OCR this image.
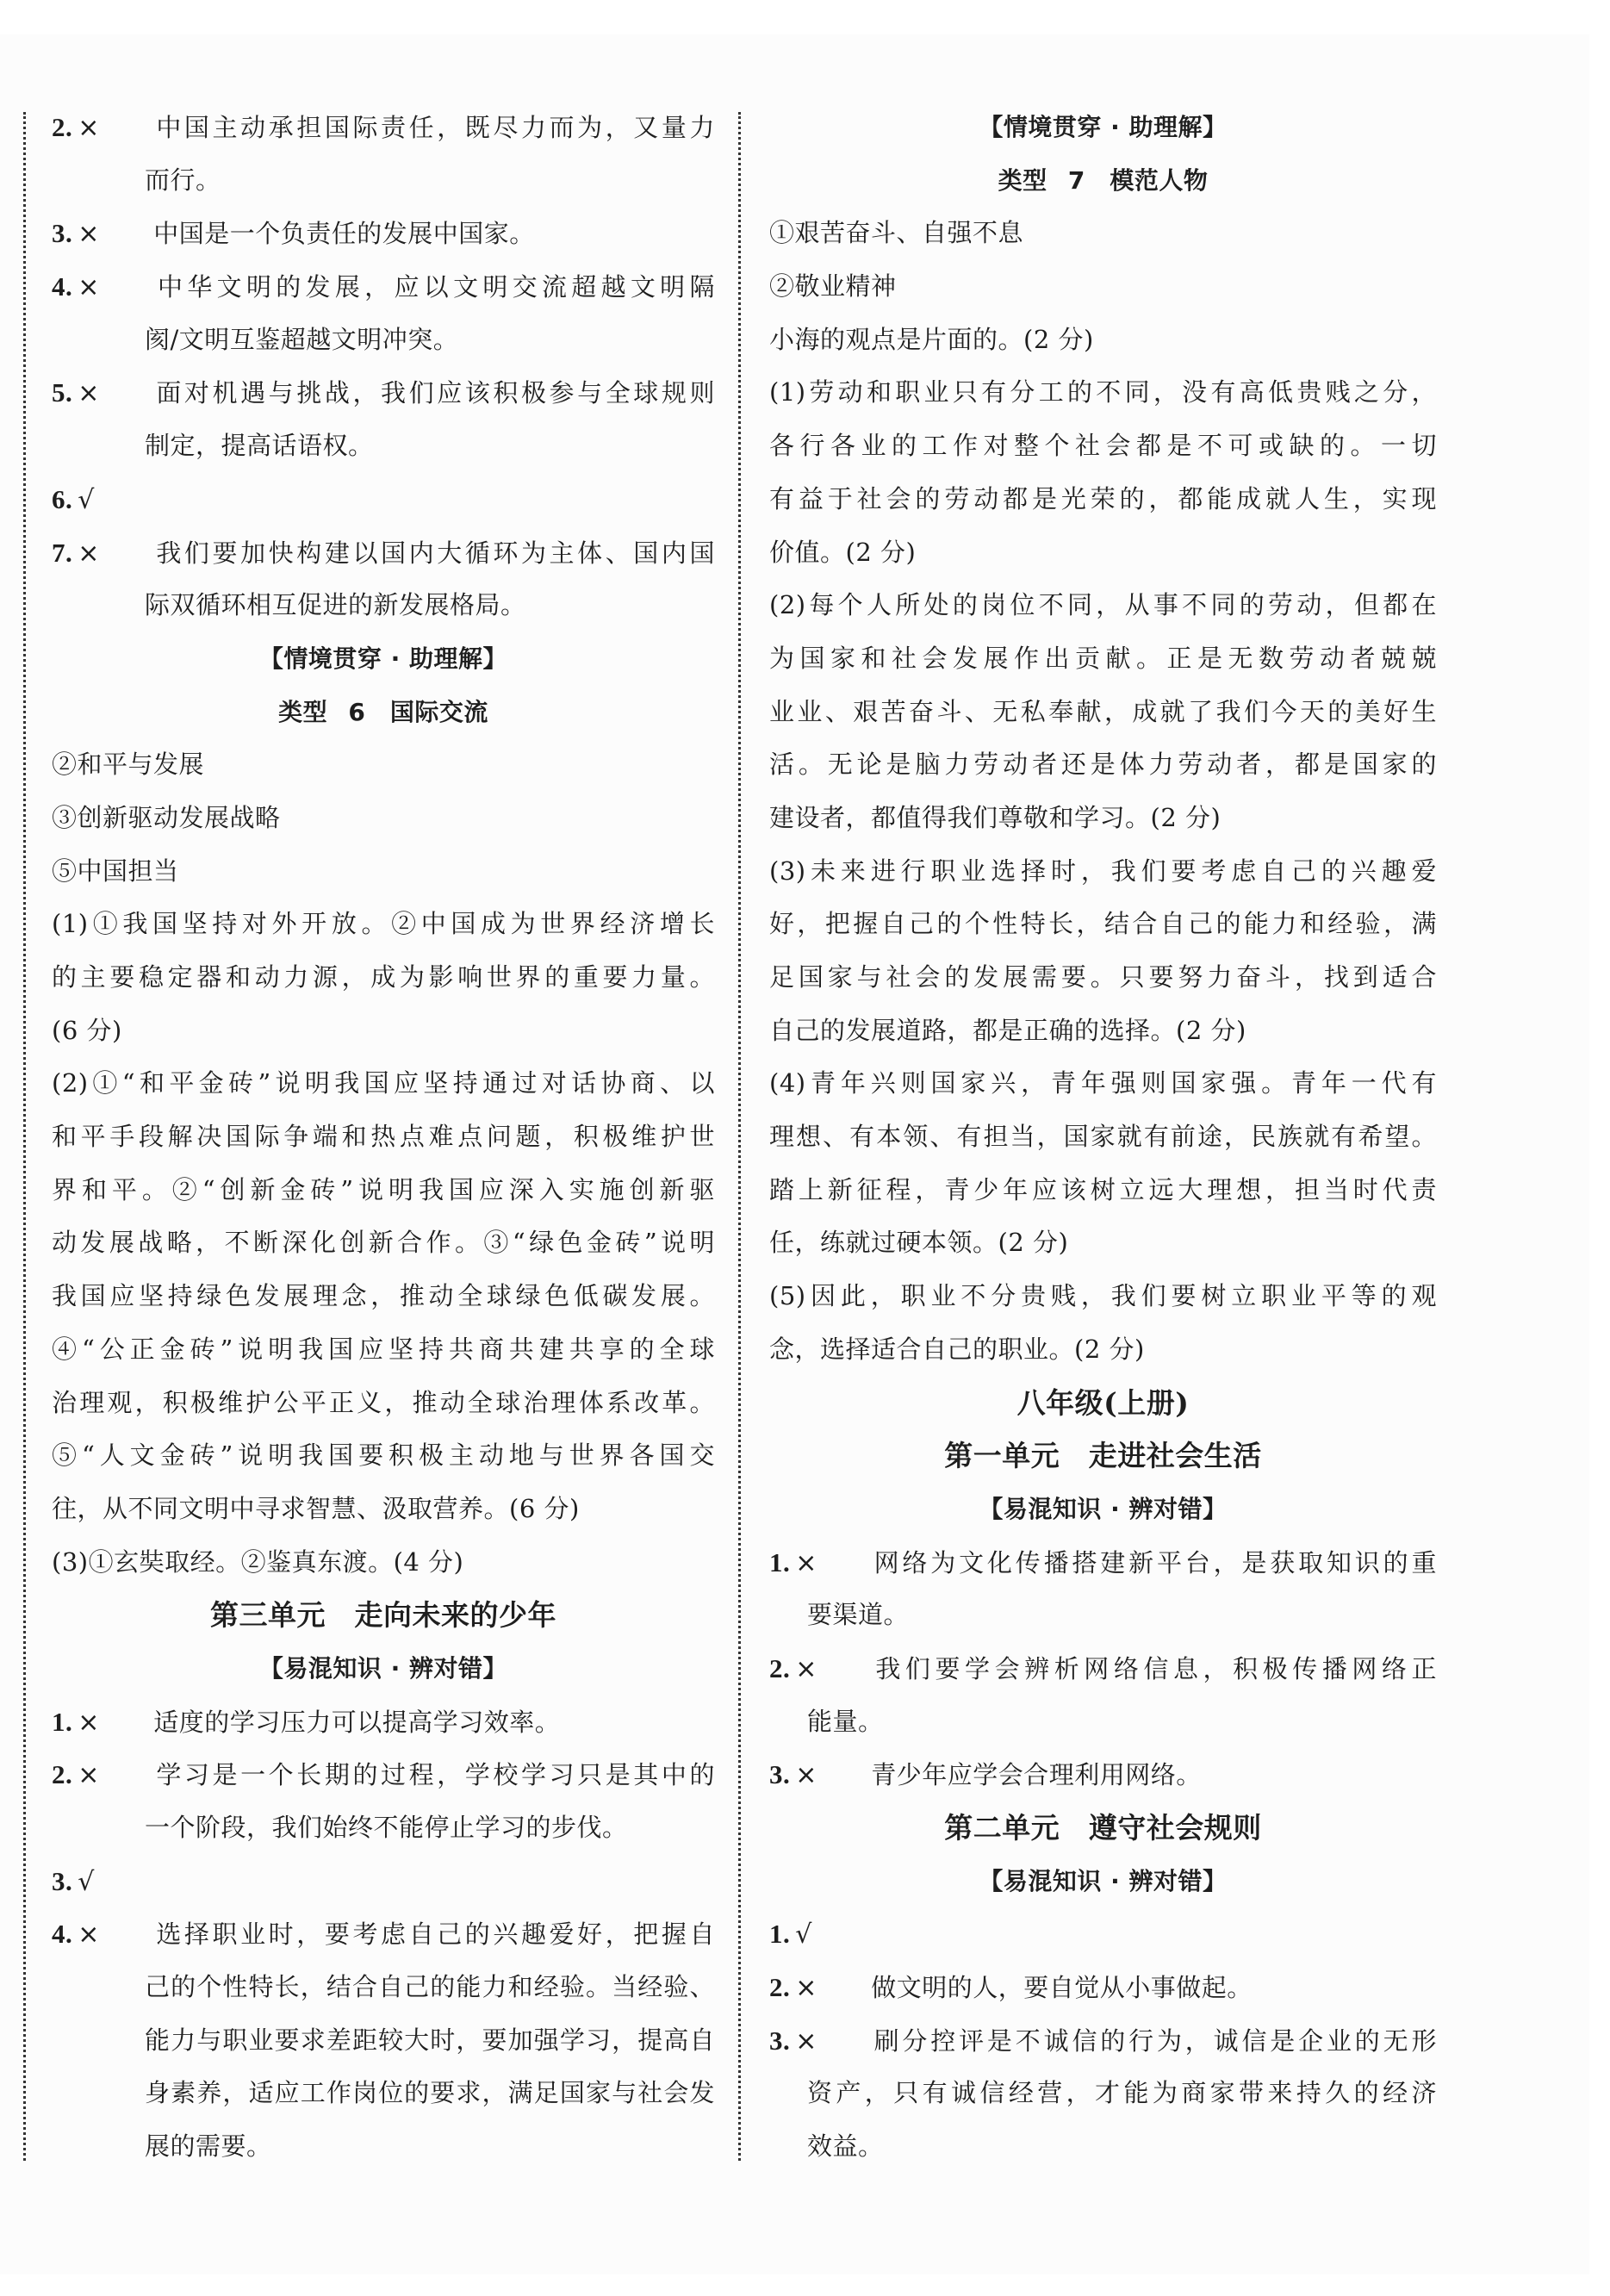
2. × 中国主动承担国际责任，既尽力而为，又量力
而行。
3. × 中国是一个负责任的发展中国家。
4. × 中华文明的发展，应以文明交流超越文明隔
阂/文明互鉴超越文明冲突。
5. × 面对机遇与挑战，我们应该积极参与全球规则
制定，提高话语权。
6. √
7. × 我们要加快构建以国内大循环为主体、国内国
际双循环相互促进的新发展格局。
【情境贯穿 · 助理解】
类型 6　国际交流
②和平与发展
③创新驱动发展战略
⑤中国担当
(1)①我国坚持对外开放。②中国成为世界经济增长
的主要稳定器和动力源，成为影响世界的重要力量。
(6 分)
(2)①“和平金砖”说明我国应坚持通过对话协商、以
和平手段解决国际争端和热点难点问题，积极维护世
界和平。②“创新金砖”说明我国应深入实施创新驱
动发展战略，不断深化创新合作。③“绿色金砖”说明
我国应坚持绿色发展理念，推动全球绿色低碳发展。
④“公正金砖”说明我国应坚持共商共建共享的全球
治理观，积极维护公平正义，推动全球治理体系改革。
⑤“人文金砖”说明我国要积极主动地与世界各国交
往，从不同文明中寻求智慧、汲取营养。(6 分)
(3)①玄奘取经。②鉴真东渡。(4 分)
第三单元　走向未来的少年
【易混知识 · 辨对错】
1. × 适度的学习压力可以提高学习效率。
2. × 学习是一个长期的过程，学校学习只是其中的
一个阶段，我们始终不能停止学习的步伐。
3. √
4. × 选择职业时，要考虑自己的兴趣爱好，把握自
己的个性特长，结合自己的能力和经验。当经验、
能力与职业要求差距较大时，要加强学习，提高自
身素养，适应工作岗位的要求，满足国家与社会发
展的需要。
【情境贯穿 · 助理解】
类型 7　模范人物
①艰苦奋斗、自强不息
②敬业精神
小海的观点是片面的。(2 分)
(1)劳动和职业只有分工的不同，没有高低贵贱之分，
各行各业的工作对整个社会都是不可或缺的。一切
有益于社会的劳动都是光荣的，都能成就人生，实现
价值。(2 分)
(2)每个人所处的岗位不同，从事不同的劳动，但都在
为国家和社会发展作出贡献。正是无数劳动者兢兢
业业、艰苦奋斗、无私奉献，成就了我们今天的美好生
活。无论是脑力劳动者还是体力劳动者，都是国家的
建设者，都值得我们尊敬和学习。(2 分)
(3)未来进行职业选择时，我们要考虑自己的兴趣爱
好，把握自己的个性特长，结合自己的能力和经验，满
足国家与社会的发展需要。只要努力奋斗，找到适合
自己的发展道路，都是正确的选择。(2 分)
(4)青年兴则国家兴，青年强则国家强。青年一代有
理想、有本领、有担当，国家就有前途，民族就有希望。
踏上新征程，青少年应该树立远大理想，担当时代责
任，练就过硬本领。(2 分)
(5)因此，职业不分贵贱，我们要树立职业平等的观
念，选择适合自己的职业。(2 分)
八年级(上册)
第一单元　走进社会生活
【易混知识 · 辨对错】
1. × 网络为文化传播搭建新平台，是获取知识的重
要渠道。
2. × 我们要学会辨析网络信息，积极传播网络正
能量。
3. × 青少年应学会合理利用网络。
第二单元　遵守社会规则
【易混知识 · 辨对错】
1. √
2. × 做文明的人，要自觉从小事做起。
3. × 刷分控评是不诚信的行为，诚信是企业的无形
资产，只有诚信经营，才能为商家带来持久的经济
效益。
